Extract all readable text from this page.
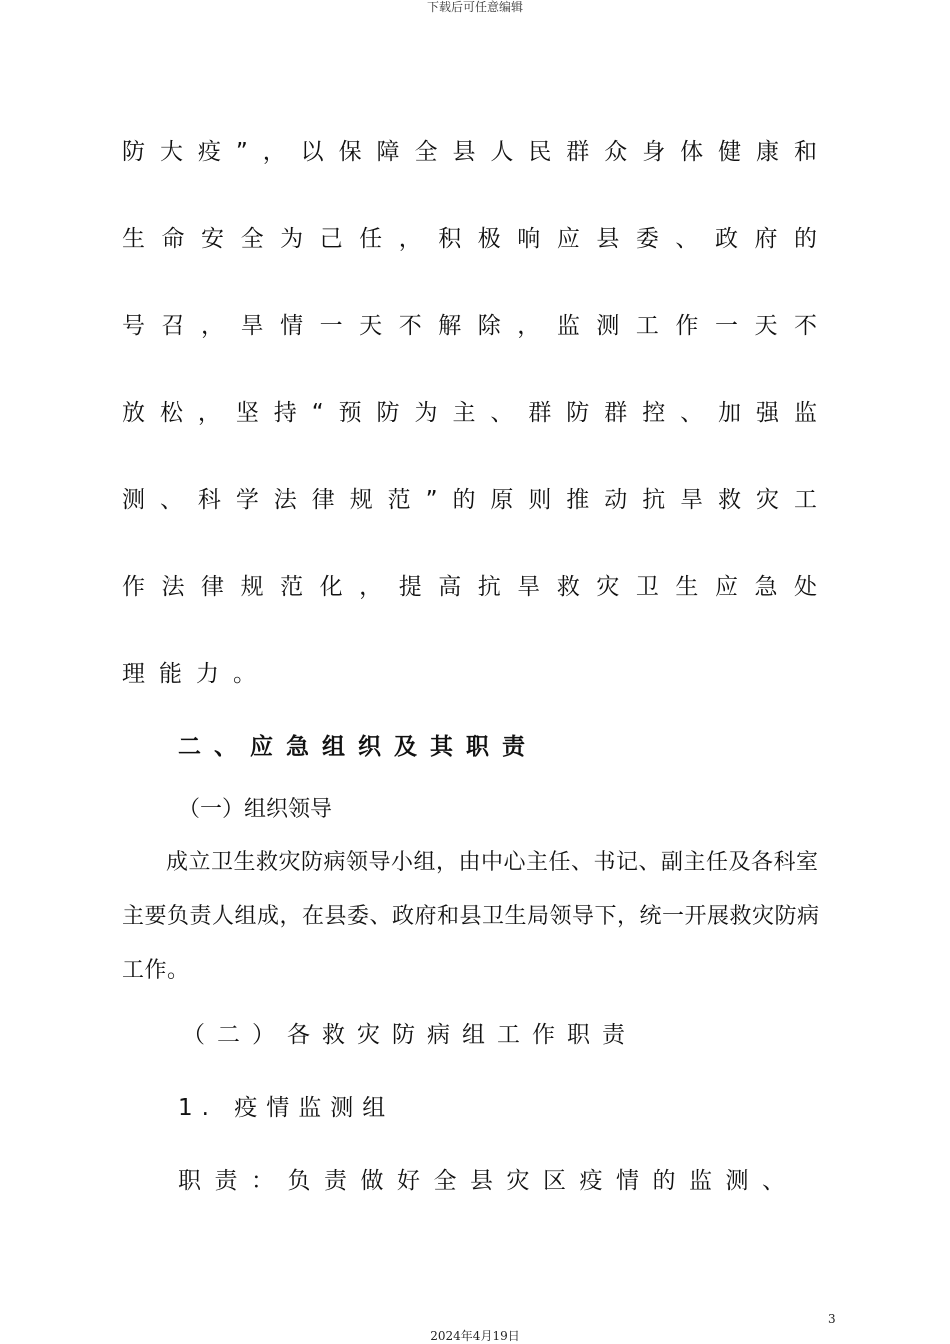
下载后可任意编辑
防​大​疫​”​，​以​保​障​全​县​人​民​群​众​身​体​健​康​和
生​命​安​全​为​己​任​，​积​极​响​应​县​委​、​政​府​的
号​召​，​旱​情​一​天​不​解​除​，​监​测​工​作​一​天​不
放​松​，​坚​持​“​预​防​为​主​、​群​防​群​控​、​加​强​监
测​、​科​学​法​律​规​范​”​的​原​则​推​动​抗​旱​救​灾​工
作​法​律​规​范​化​，​提​高​抗​旱​救​灾​卫​生​应​急​处
理能力。
二、应急组织及其职责
（一）组织领导
成立卫生救灾防病领导小组，由中心主任、书记、副主任及各科室主要负责人组成，在县委、政府和县卫生局领导下，统一开展救灾防病工作。
（二）各救灾防病组工作职责
1. 疫情监测组
职责：负责做好全县灾区疫情的监测、
3
2024年4月19日
